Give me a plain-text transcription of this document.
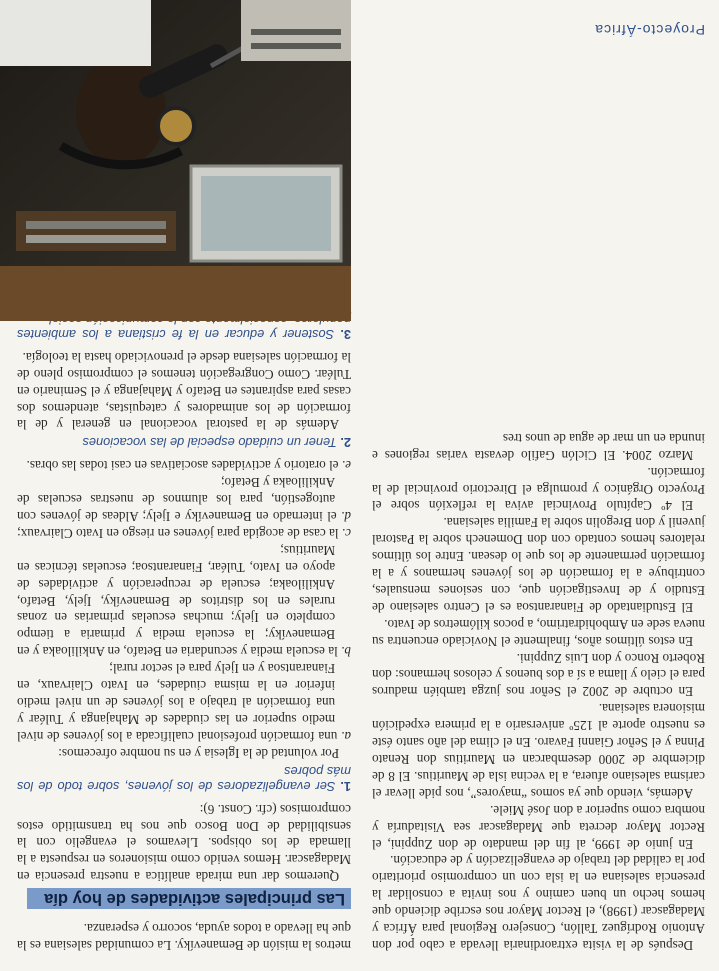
Después de la visita extraordinaria llevada a cabo por don Antonio Rodríguez Tallón, Consejero Regional para África y Madagascar (1998), el Rector Mayor nos escribe diciendo que hemos hecho un buen camino y nos invita a consolidar la presencia salesiana en la isla con un compromiso prioritario por la calidad del trabajo de evangelización y de educación.

En junio de 1999, al fin del mandato de don Zuppini, el Rector Mayor decreta que Madagascar sea Visitaduría y nombra como superior a don José Miele.

Además, viendo que ya somos “mayores”, nos pide llevar el carisma salesiano afuera, a la vecina isla de Mauritius. El 8 de diciembre de 2000 desembarcan en Mauritius don Renato Pinna y el Señor Gianni Favaro. En el clima del año santo éste es nuestro aporte al 125º aniversario a la primera expedición misionera salesiana.

En octubre de 2002 el Señor nos juzga también maduros para el cielo y llama a sí a dos buenos y celosos hermanos: don Roberto Ronco y don Luis Zuppini.

En estos últimos años, finalmente el Noviciado encuentra su nueva sede en Ambohidratrimo, a pocos kilómetros de Ivato.

El Estudiantado de Fianarantsoa es el Centro salesiano de Estudio y de Investigación que, con sesiones mensuales, contribuye a la formación de los jóvenes hermanos y a la formación permanente de los que lo desean. Entre los últimos relatores hemos contado con don Domenech sobre la Pastoral juvenil y don Bregolin sobre la Familia salesiana.

El 4º Capítulo Provincial aviva la reflexión sobre el Proyecto Orgánico y promulga el Directorio provincial de la formación.

Marzo 2004. El Ciclón Gafilo devasta varias regiones e inunda en un mar de agua de unos tres

metros la misión de Bemanevíky. La comunidad salesiana es la que ha llevado a todos ayuda, socorro y esperanza.

Las principales actividades de hoy día

Queremos dar una mirada analítica a nuestra presencia en Madagascar. Hemos venido como misioneros en respuesta a la llamada de los obispos. Llevamos el evangelio con la sensibilidad de Don Bosco que nos ha transmitido estos compromisos (cfr. Const. 6):

1. Ser evangelizadores de los jóvenes, sobre todo de los más pobres

Por voluntad de la Iglesia y en su nombre ofrecemos:

a. una formación profesional cualificada a los jóvenes de nivel medio superior en las ciudades de Mahajanga y Tuléar y una formación al trabajo a los jóvenes de un nivel medio inferior en la misma ciudades, en Ivato Clairvaux, en Fianarantsoa y en Ijely para el sector rural;

b. la escuela media y secundaria en Betafo, en Ankililoaka y en Bemanevíky; la escuela media y primaria a tiempo completo en Ijely; muchas escuelas primarias en zonas rurales en los distritos de Bemanevíky, Ijely, Betafo, Ankililoaka; escuela de recuperación y actividades de apoyo en Ivato, Tuléar, Fianarantsoa; escuelas técnicas en Mauritius;

c. la casa de acogida para jóvenes en riesgo en Ivato Clairvaux;

d. el internado en Bemanevíky e Ijely; Aldeas de jóvenes con autogestión, para los alumnos de nuestras escuelas de Ankililoaka y Betafo;

e. el oratorio y actividades asociativas en casi todas las obras.

2. Tener un cuidado especial de las vocaciones

Además de la pastoral vocacional en general y de la formación de los animadores y catequistas, atendemos dos casas para aspirantes en Betafo y Mahajanga y el Seminario en Tuléar. Como Congregación tenemos el compromiso pleno de la formación salesiana desde el prenoviciado hasta la teología.

3. Sostener y educar en la fe cristiana a los ambientes

Proyecto-África
